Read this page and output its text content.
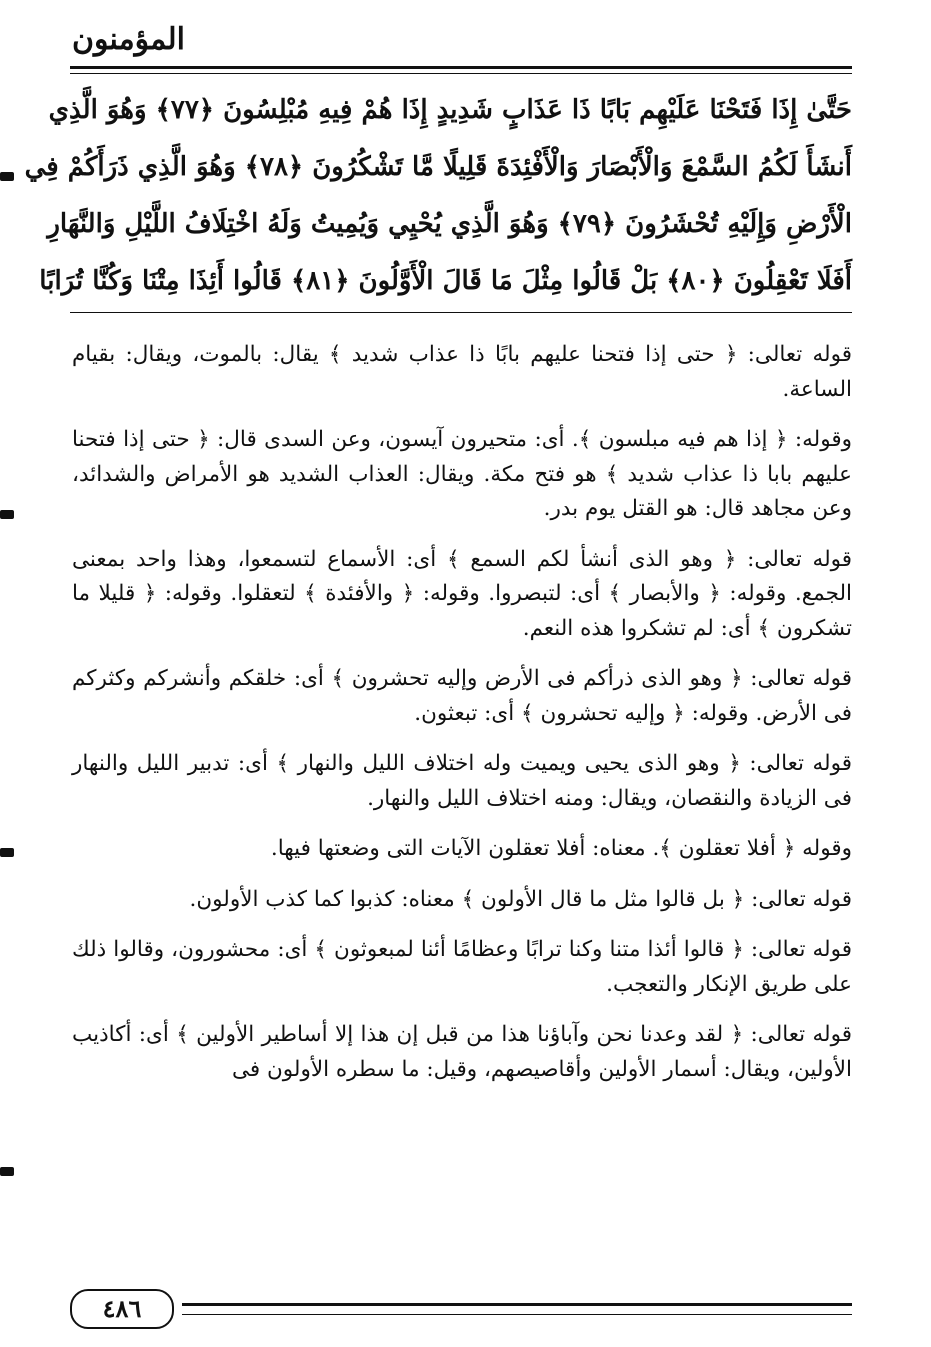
المؤمنون
حَتَّىٰ إِذَا فَتَحْنَا عَلَيْهِم بَابًا ذَا عَذَابٍ شَدِيدٍ إِذَا هُمْ فِيهِ مُبْلِسُونَ ﴿٧٧﴾ وَهُوَ الَّذِي
أَنشَأَ لَكُمُ السَّمْعَ وَالْأَبْصَارَ وَالْأَفْئِدَةَ قَلِيلًا مَّا تَشْكُرُونَ ﴿٧٨﴾ وَهُوَ الَّذِي ذَرَأَكُمْ فِي
الْأَرْضِ وَإِلَيْهِ تُحْشَرُونَ ﴿٧٩﴾ وَهُوَ الَّذِي يُحْيِي وَيُمِيتُ وَلَهُ اخْتِلَافُ اللَّيْلِ وَالنَّهَارِ
أَفَلَا تَعْقِلُونَ ﴿٨٠﴾ بَلْ قَالُوا مِثْلَ مَا قَالَ الْأَوَّلُونَ ﴿٨١﴾ قَالُوا أَئِذَا مِتْنَا وَكُنَّا تُرَابًا

قوله تعالى: ﴿ حتى إذا فتحنا عليهم بابًا ذا عذاب شديد ﴾ يقال: بالموت، ويقال: بقيام الساعة.

وقوله: ﴿ إذا هم فيه مبلسون ﴾. أى: متحيرون آيسون، وعن السدى قال: ﴿ حتى إذا فتحنا عليهم بابا ذا عذاب شديد ﴾ هو فتح مكة. ويقال: العذاب الشديد هو الأمراض والشدائد، وعن مجاهد قال: هو القتل يوم بدر.

قوله تعالى: ﴿ وهو الذى أنشأ لكم السمع ﴾ أى: الأسماع لتسمعوا، وهذا واحد بمعنى الجمع. وقوله: ﴿ والأبصار ﴾ أى: لتبصروا. وقوله: ﴿ والأفئدة ﴾ لتعقلوا. وقوله: ﴿ قليلا ما تشكرون ﴾ أى: لم تشكروا هذه النعم.

قوله تعالى: ﴿ وهو الذى ذرأكم فى الأرض وإليه تحشرون ﴾ أى: خلقكم وأنشركم وكثركم فى الأرض. وقوله: ﴿ وإليه تحشرون ﴾ أى: تبعثون.

قوله تعالى: ﴿ وهو الذى يحيى ويميت وله اختلاف الليل والنهار ﴾ أى: تدبير الليل والنهار فى الزيادة والنقصان، ويقال: ومنه اختلاف الليل والنهار.

وقوله ﴿ أفلا تعقلون ﴾. معناه: أفلا تعقلون الآيات التى وضعتها فيها.

قوله تعالى: ﴿ بل قالوا مثل ما قال الأولون ﴾ معناه: كذبوا كما كذب الأولون.

قوله تعالى: ﴿ قالوا أئذا متنا وكنا ترابًا وعظامًا أئنا لمبعوثون ﴾ أى: محشورون، وقالوا ذلك على طريق الإنكار والتعجب.

قوله تعالى: ﴿ لقد وعدنا نحن وآباؤنا هذا من قبل إن هذا إلا أساطير الأولين ﴾ أى: أكاذيب الأولين، ويقال: أسمار الأولين وأقاصيصهم، وقيل: ما سطره الأولون فى

٤٨٦
